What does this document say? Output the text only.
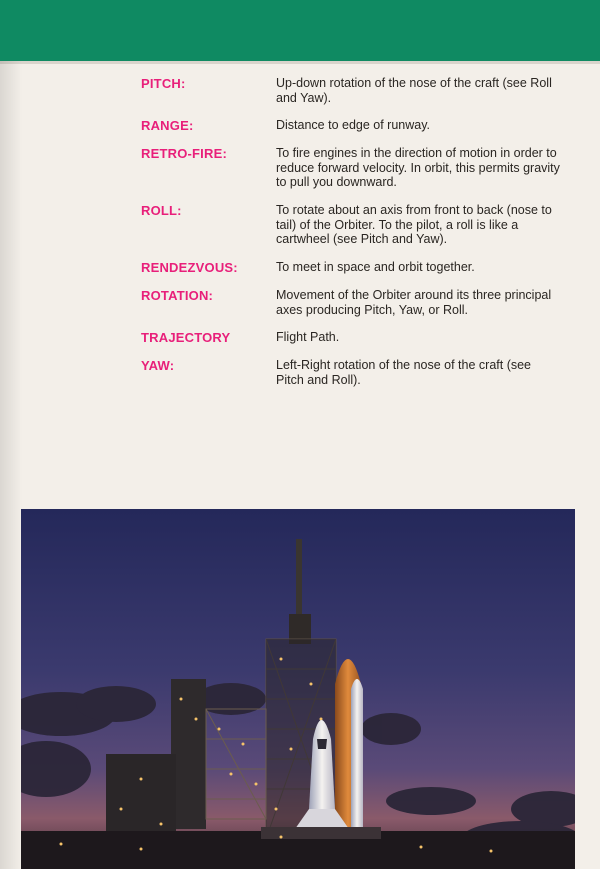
PITCH:	Up-down rotation of the nose of the craft (see Roll and Yaw).
RANGE:	Distance to edge of runway.
RETRO-FIRE:	To fire engines in the direction of motion in order to reduce forward velocity. In orbit, this permits gravity to pull you downward.
ROLL:	To rotate about an axis from front to back (nose to tail) of the Orbiter. To the pilot, a roll is like a cartwheel (see Pitch and Yaw).
RENDEZVOUS:	To meet in space and orbit together.
ROTATION:	Movement of the Orbiter around its three principal axes producing Pitch, Yaw, or Roll.
TRAJECTORY	Flight Path.
YAW:	Left-Right rotation of the nose of the craft (see Pitch and Roll).
